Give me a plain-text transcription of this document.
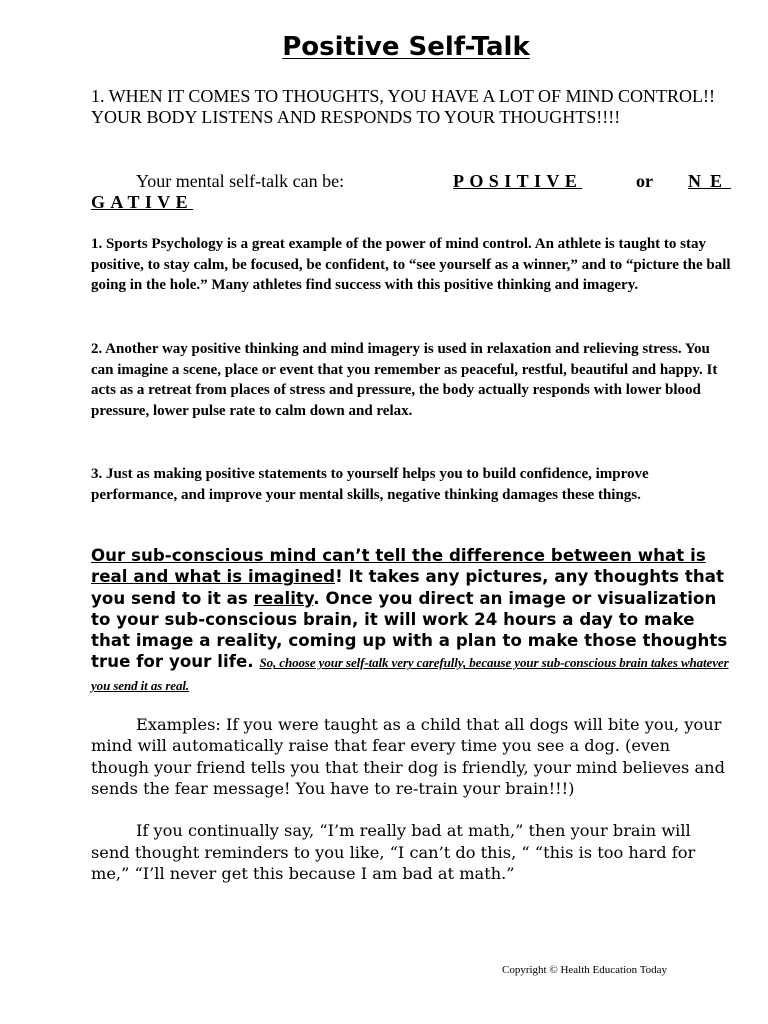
Positive Self-Talk

1. WHEN IT COMES TO THOUGHTS, YOU HAVE A LOT OF MIND CONTROL!!

YOUR BODY LISTENS AND RESPONDS TO YOUR THOUGHTS!!!!

Your mental self-talk can be:	POSITIVE	or NE
GATIVE

1. Sports Psychology is a great example of the power of mind control. An athlete is taught to stay positive, to stay calm, be focused, be confident, to “see yourself as a winner,” and to “picture the ball going in the hole.” Many athletes find success with this positive thinking and imagery.

2. Another way positive thinking and mind imagery is used in relaxation and relieving stress. You can imagine a scene, place or event that you remember as peaceful, restful, beautiful and happy. It acts as a retreat from places of stress and pressure, the body actually responds with lower blood pressure, lower pulse rate to calm down and relax.

3. Just as making positive statements to yourself helps you to build confidence, improve performance, and improve your mental skills, negative thinking damages these things.

Our sub-conscious mind can’t tell the difference between what is real and what is imagined! It takes any pictures, any thoughts that you send to it as reality. Once you direct an image or visualization to your sub-conscious brain, it will work 24 hours a day to make that image a reality, coming up with a plan to make those thoughts true for your life. So, choose your self-talk very carefully, because your sub-conscious brain takes whatever you send it as real.

Examples: If you were taught as a child that all dogs will bite you, your mind will automatically raise that fear every time you see a dog. (even though your friend tells you that their dog is friendly, your mind believes and sends the fear message! You have to re-train your brain!!!)

If you continually say, “I’m really bad at math,” then your brain will send thought reminders to you like, “I can’t do this, “ “this is too hard for me,” “I’ll never get this because I am bad at math.”

Copyright © Health Education Today
